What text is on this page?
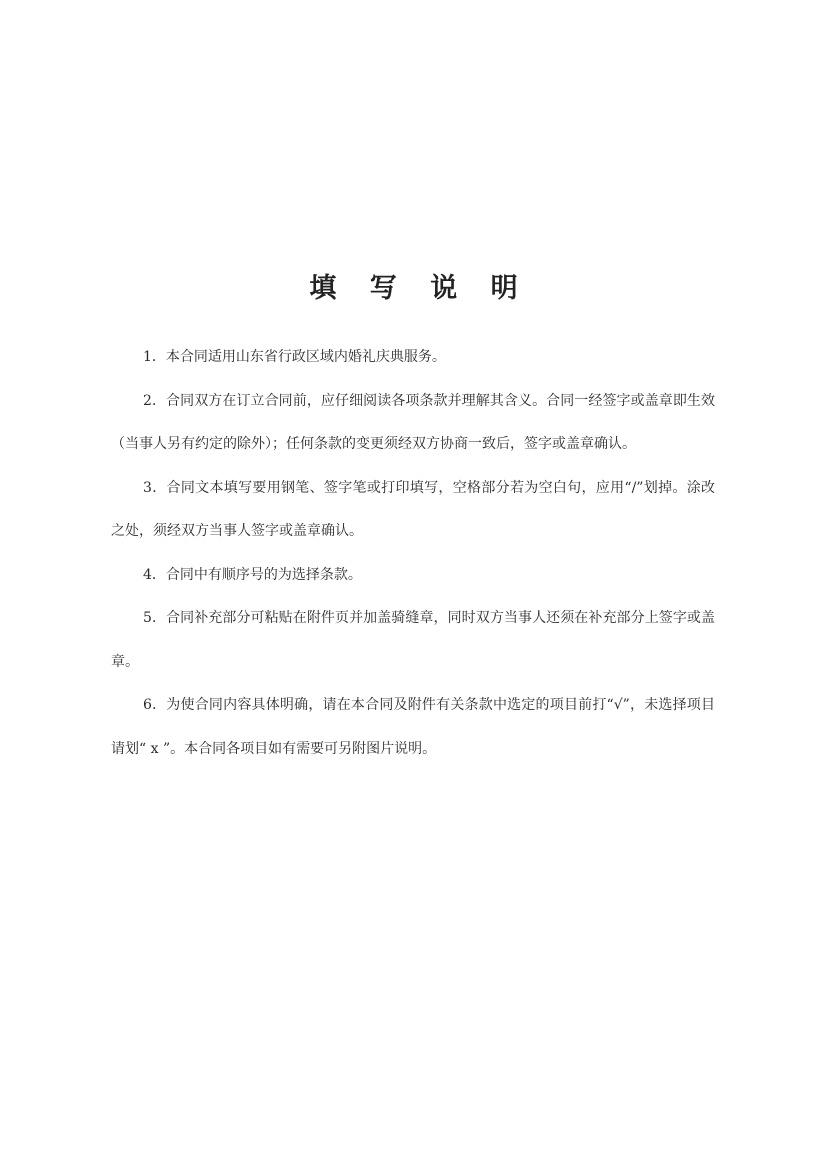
填 写 说 明

1．本合同适用山东省行政区域内婚礼庆典服务。

2．合同双方在订立合同前，应仔细阅读各项条款并理解其含义。合同一经签字或盖章即生效（当事人另有约定的除外）；任何条款的变更须经双方协商一致后，签字或盖章确认。

3．合同文本填写要用钢笔、签字笔或打印填写，空格部分若为空白句，应用“/”划掉。涂改之处，须经双方当事人签字或盖章确认。

4．合同中有顺序号的为选择条款。

5．合同补充部分可粘贴在附件页并加盖骑缝章，同时双方当事人还须在补充部分上签字或盖章。

6．为使合同内容具体明确，请在本合同及附件有关条款中选定的项目前打“√”，未选择项目请划“ x ”。本合同各项目如有需要可另附图片说明。
